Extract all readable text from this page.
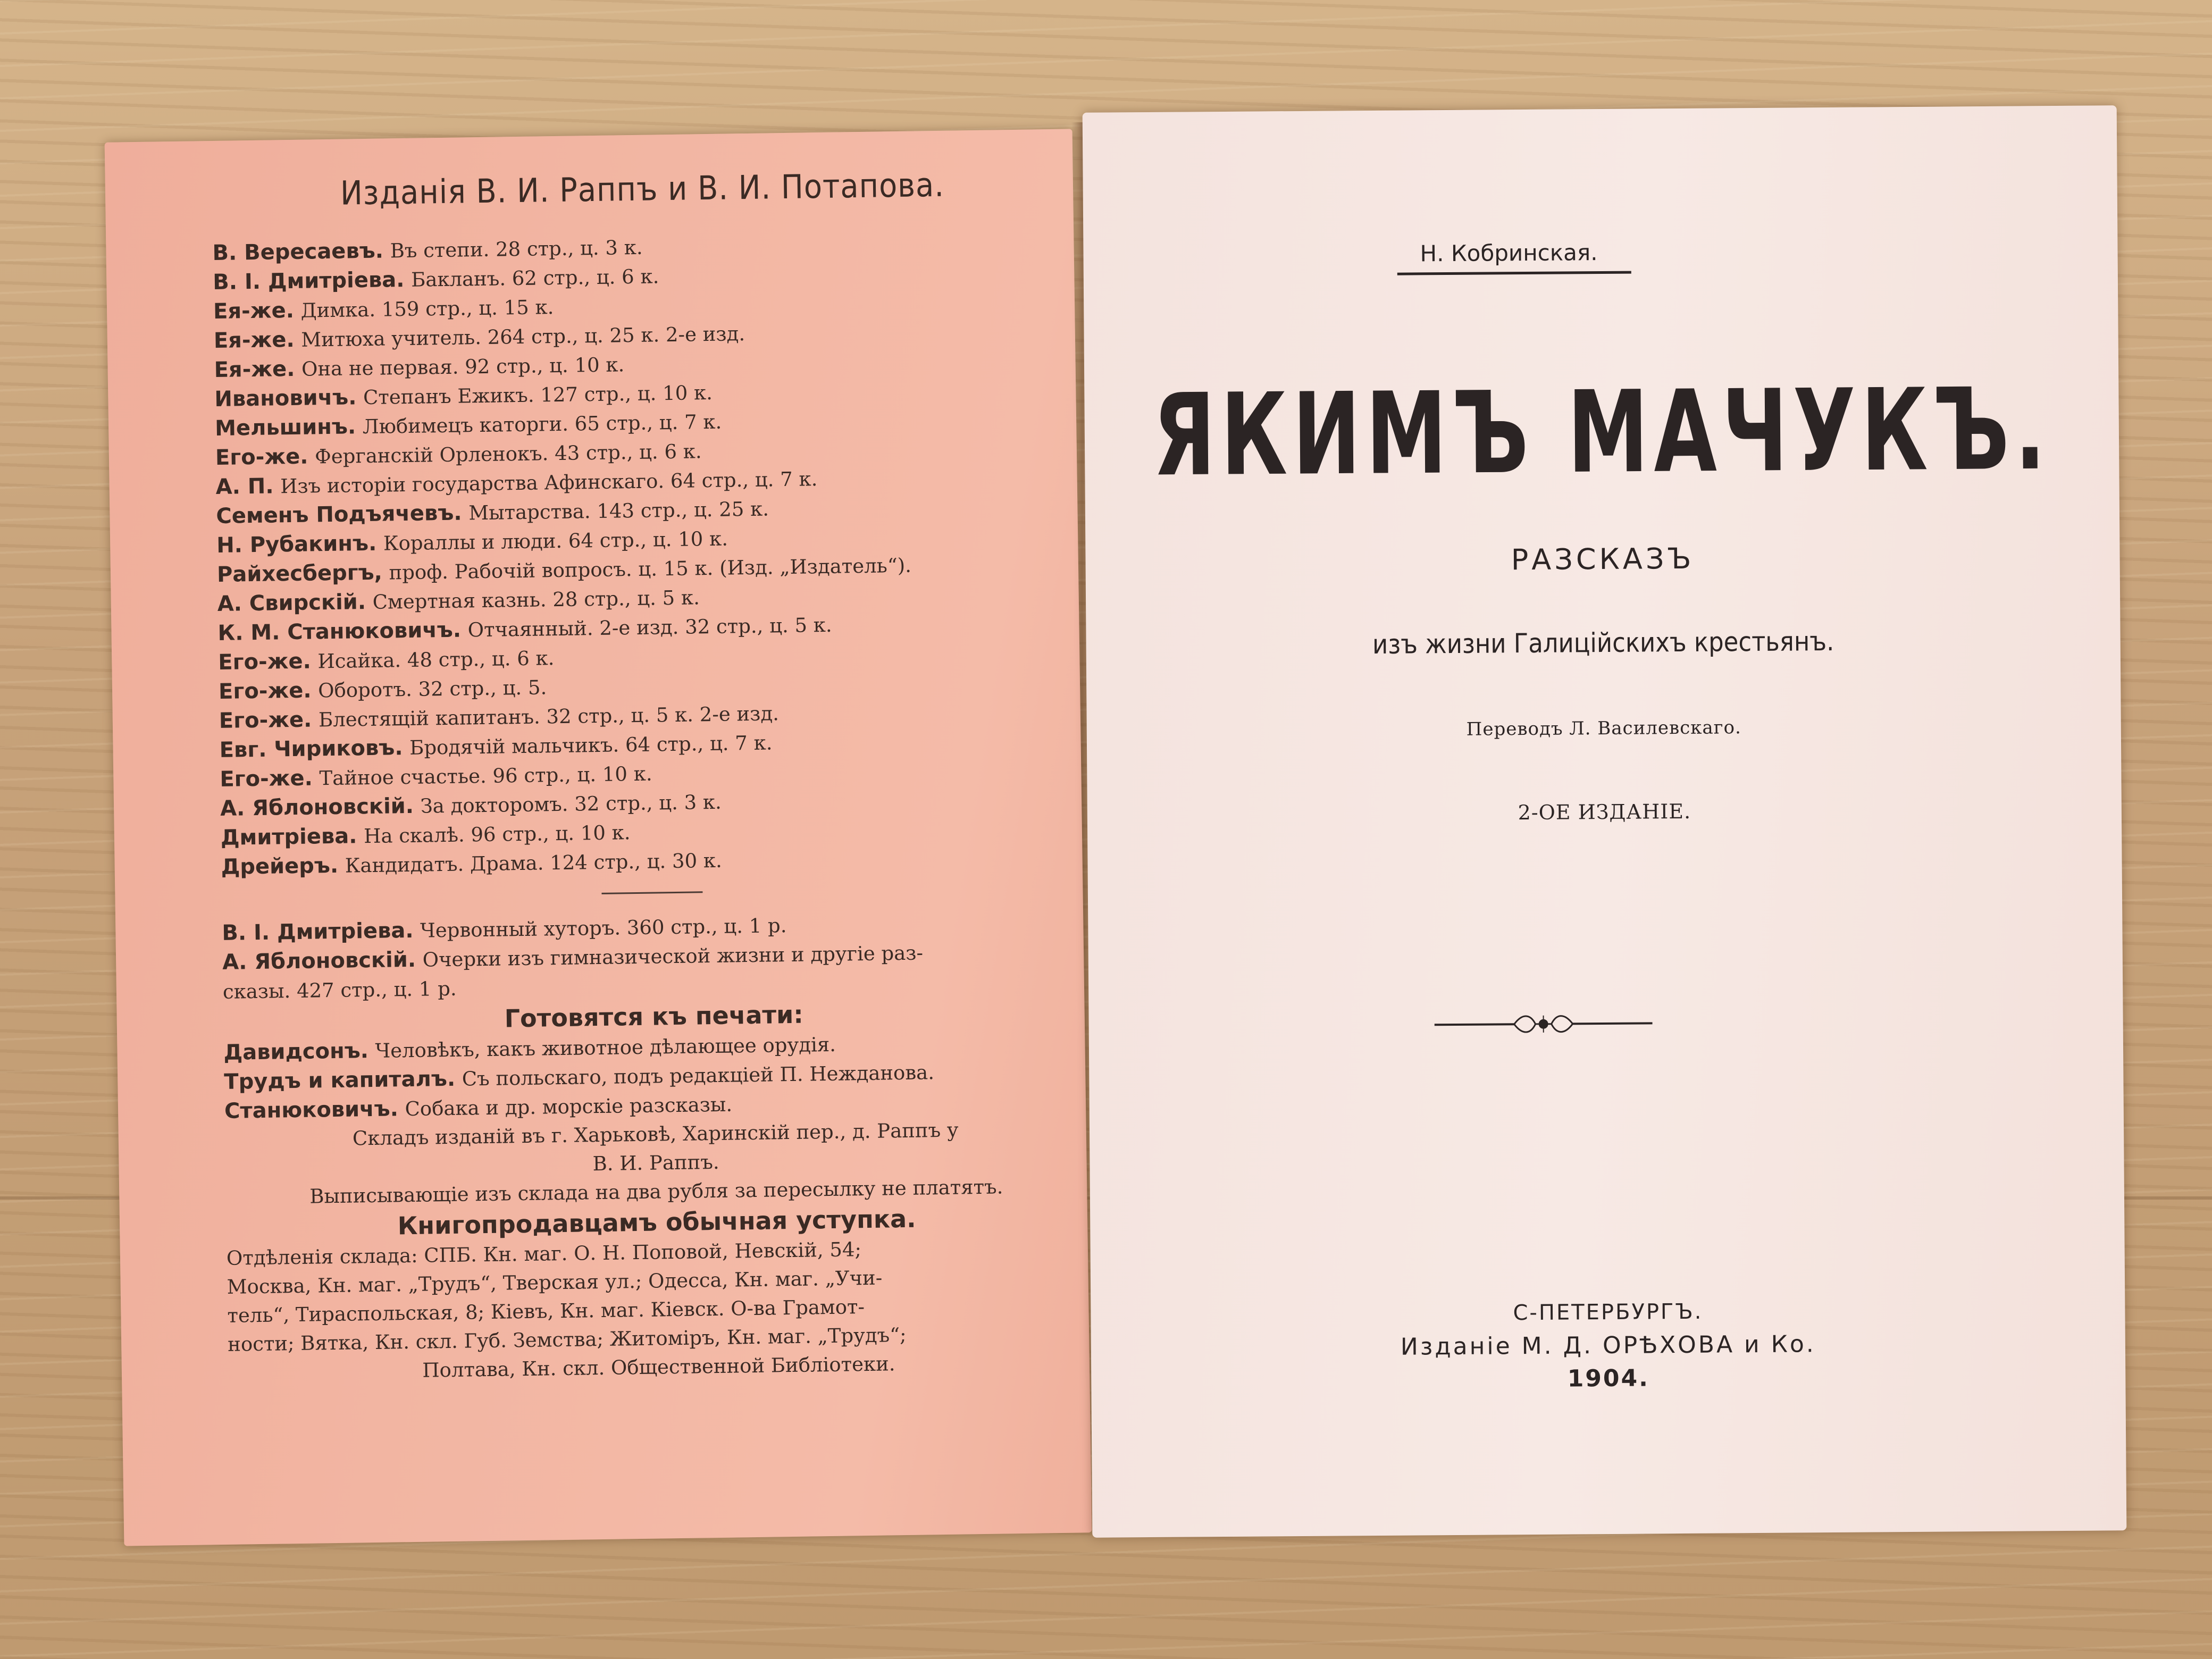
Изданія В. И. Раппъ и В. И. Потапова.
В. Вересаевъ. Въ степи. 28 стр., ц. 3 к.
В. І. Дмитріева. Бакланъ. 62 стр., ц. 6 к.
Ея-же. Димка. 159 стр., ц. 15 к.
Ея-же. Митюха учитель. 264 стр., ц. 25 к. 2-е изд.
Ея-же. Она не первая. 92 стр., ц. 10 к.
Ивановичъ. Степанъ Ежикъ. 127 стр., ц. 10 к.
Мельшинъ. Любимецъ каторги. 65 стр., ц. 7 к.
Его-же. Ферганскій Орленокъ. 43 стр., ц. 6 к.
А. П. Изъ исторіи государства Афинскаго. 64 стр., ц. 7 к.
Семенъ Подъячевъ. Мытарства. 143 стр., ц. 25 к.
Н. Рубакинъ. Кораллы и люди. 64 стр., ц. 10 к.
Райхесбергъ, проф. Рабочій вопросъ. ц. 15 к. (Изд. „Издатель“).
А. Свирскій. Смертная казнь. 28 стр., ц. 5 к.
К. М. Станюковичъ. Отчаянный. 2-е изд. 32 стр., ц. 5 к.
Его-же. Исайка. 48 стр., ц. 6 к.
Его-же. Оборотъ. 32 стр., ц. 5.
Его-же. Блестящій капитанъ. 32 стр., ц. 5 к. 2-е изд.
Евг. Чириковъ. Бродячій мальчикъ. 64 стр., ц. 7 к.
Его-же. Тайное счастье. 96 стр., ц. 10 к.
А. Яблоновскій. За докторомъ. 32 стр., ц. 3 к.
Дмитріева. На скалѣ. 96 стр., ц. 10 к.
Дрейеръ. Кандидатъ. Драма. 124 стр., ц. 30 к.
В. І. Дмитріева. Червонный хуторъ. 360 стр., ц. 1 р.
А. Яблоновскій. Очерки изъ гимназической жизни и другіе раз-
сказы. 427 стр., ц. 1 р.
Готовятся къ печати:
Давидсонъ. Человѣкъ, какъ животное дѣлающее орудія.
Трудъ и капиталъ. Съ польскаго, подъ редакціей П. Нежданова.
Станюковичъ. Собака и др. морскіе разсказы.
Складъ изданій въ г. Харьковѣ, Харинскій пер., д. Раппъ у
В. И. Раппъ.
Выписывающіе изъ склада на два рубля за пересылку не платятъ.
Книгопродавцамъ обычная уступка.
Отдѣленія склада: СПБ. Кн. маг. О. Н. Поповой, Невскій, 54;
Москва, Кн. маг. „Трудъ“, Тверская ул.; Одесса, Кн. маг. „Учи-
тель“, Тираспольская, 8; Кіевъ, Кн. маг. Кіевск. О-ва Грамот-
ности; Вятка, Кн. скл. Губ. Земства; Житоміръ, Кн. маг. „Трудъ“;
Полтава, Кн. скл. Общественной Библіотеки.
Н. Кобринская.
ЯКИМЪ МАЧУКЪ.
РАЗСКАЗЪ
изъ жизни Галиційскихъ крестьянъ.
Переводъ Л. Василевскаго.
2-ОЕ ИЗДАНІЕ.
С-ПЕТЕРБУРГЪ.
Изданіе М. Д. ОРѢХОВА и Ко.
1904.
